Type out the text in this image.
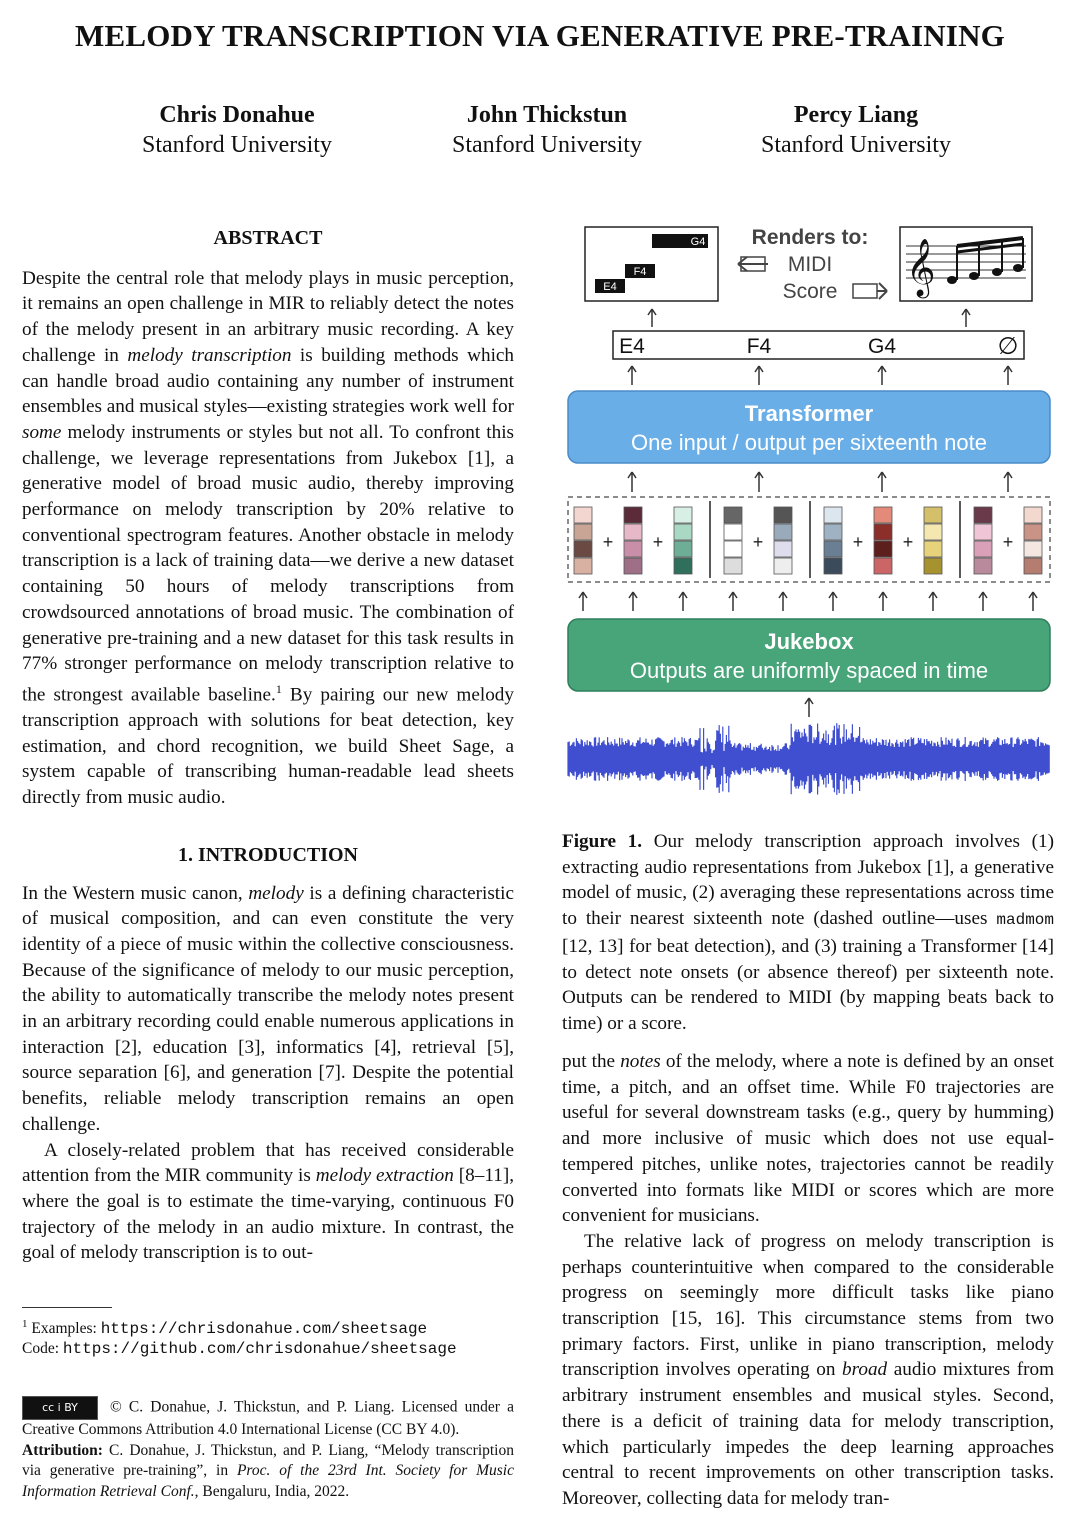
MELODY TRANSCRIPTION VIA GENERATIVE PRE-TRAINING
Chris Donahue
Stanford University
John Thickstun
Stanford University
Percy Liang
Stanford University
ABSTRACT

Despite the central role that melody plays in music perception, it remains an open challenge in MIR to reliably detect the notes of the melody present in an arbitrary music recording. A key challenge in melody transcription is building methods which can handle broad audio containing any number of instrument ensembles and musical styles—existing strategies work well for some melody instruments or styles but not all. To confront this challenge, we leverage representations from Jukebox [1], a generative model of broad music audio, thereby improving performance on melody transcription by 20% relative to conventional spectrogram features. Another obstacle in melody transcription is a lack of training data—we derive a new dataset containing 50 hours of melody transcriptions from crowdsourced annotations of broad music. The combination of generative pre-training and a new dataset for this task results in 77% stronger performance on melody transcription relative to the strongest available baseline.$^1$ By pairing our new melody transcription approach with solutions for beat detection, key estimation, and chord recognition, we build Sheet Sage, a system capable of transcribing human-readable lead sheets directly from music audio.

1. INTRODUCTION

In the Western music canon, melody is a defining characteristic of musical composition, and can even constitute the very identity of a piece of music within the collective consciousness. Because of the significance of melody to our music perception, the ability to automatically transcribe the melody notes present in an arbitrary recording could enable numerous applications in interaction [2], education [3], informatics [4], retrieval [5], source separation [6], and generation [7]. Despite the potential benefits, reliable melody transcription remains an open challenge.

A closely-related problem that has received considerable attention from the MIR community is melody extraction [8–11], where the goal is to estimate the time-varying, continuous F0 trajectory of the melody in an audio mixture. In contrast, the goal of melody transcription is to out-

$^1$ Examples: https://chrisdonahue.com/sheetsage
Code: https://github.com/chrisdonahue/sheetsage
cc i BY © C. Donahue, J. Thickstun, and P. Liang. Licensed under a Creative Commons Attribution 4.0 International License (CC BY 4.0).
Attribution: C. Donahue, J. Thickstun, and P. Liang, “Melody transcription via generative pre-training”, in Proc. of the 23rd Int. Society for Music Information Retrieval Conf., Bengaluru, India, 2022.
E4
F4
G4 Renders to:
MIDI
Score 𝄞
E4	F4	G4	∅
Transformer
One input / output per sixteenth note
+ +	+	+ +	+
Jukebox
Outputs are uniformly spaced in time
Figure 1. Our melody transcription approach involves (1) extracting audio representations from Jukebox [1], a generative model of music, (2) averaging these representations across time to their nearest sixteenth note (dashed outline—uses madmom [12, 13] for beat detection), and (3) training a Transformer [14] to detect note onsets (or absence thereof) per sixteenth note. Outputs can be rendered to MIDI (by mapping beats back to time) or a score.

put the notes of the melody, where a note is defined by an onset time, a pitch, and an offset time. While F0 trajectories are useful for several downstream tasks (e.g., query by humming) and more inclusive of music which does not use equal-tempered pitches, unlike notes, trajectories cannot be readily converted into formats like MIDI or scores which are more convenient for musicians.

The relative lack of progress on melody transcription is perhaps counterintuitive when compared to the considerable progress on seemingly more difficult tasks like piano transcription [15, 16]. This circumstance stems from two primary factors. First, unlike in piano transcription, melody transcription involves operating on broad audio mixtures from arbitrary instrument ensembles and musical styles. Second, there is a deficit of training data for melody transcription, which particularly impedes the deep learning approaches central to recent improvements on other transcription tasks. Moreover, collecting data for melody tran-
